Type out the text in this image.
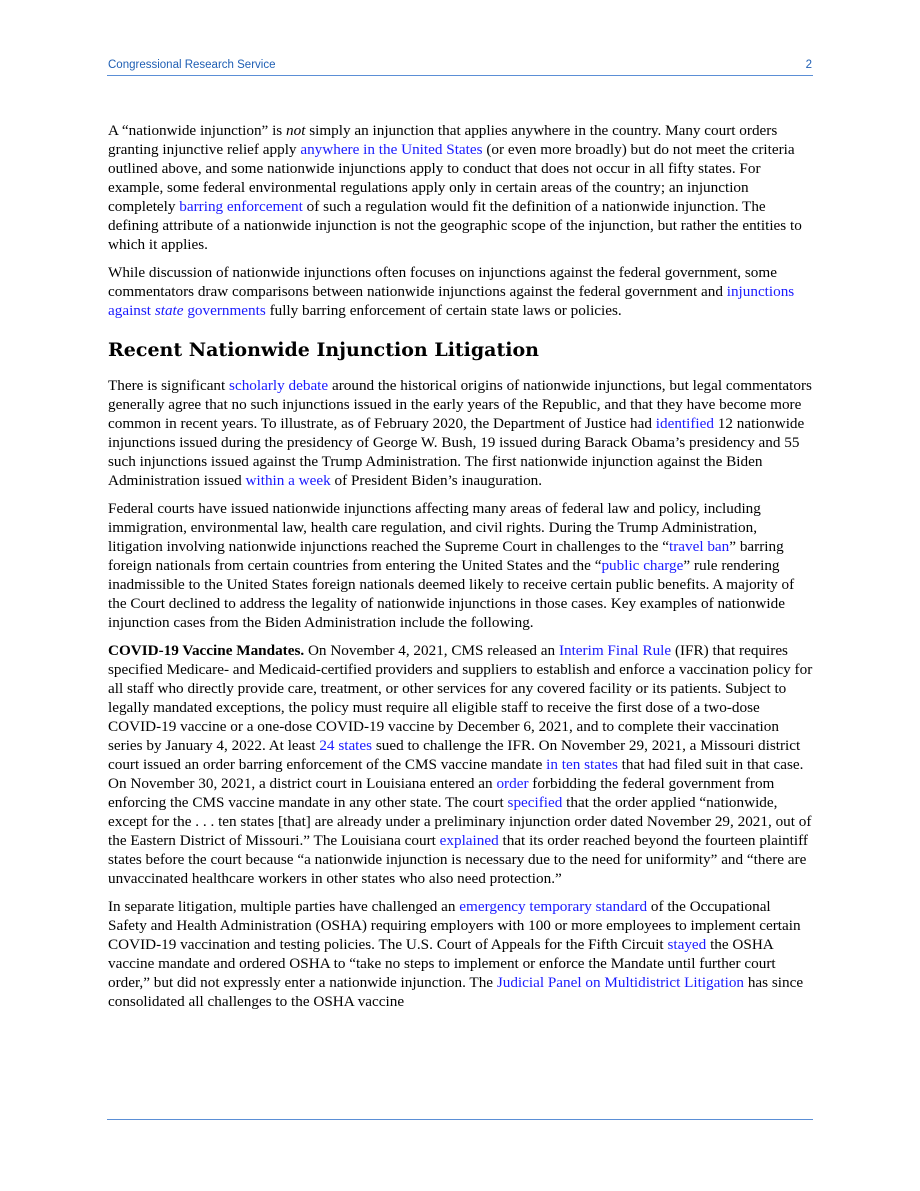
Congressional Research Service	2

A “nationwide injunction” is not simply an injunction that applies anywhere in the country. Many court orders granting injunctive relief apply anywhere in the United States (or even more broadly) but do not meet the criteria outlined above, and some nationwide injunctions apply to conduct that does not occur in all fifty states. For example, some federal environmental regulations apply only in certain areas of the country; an injunction completely barring enforcement of such a regulation would fit the definition of a nationwide injunction. The defining attribute of a nationwide injunction is not the geographic scope of the injunction, but rather the entities to which it applies.

While discussion of nationwide injunctions often focuses on injunctions against the federal government, some commentators draw comparisons between nationwide injunctions against the federal government and injunctions against state governments fully barring enforcement of certain state laws or policies.

Recent Nationwide Injunction Litigation

There is significant scholarly debate around the historical origins of nationwide injunctions, but legal commentators generally agree that no such injunctions issued in the early years of the Republic, and that they have become more common in recent years. To illustrate, as of February 2020, the Department of Justice had identified 12 nationwide injunctions issued during the presidency of George W. Bush, 19 issued during Barack Obama’s presidency and 55 such injunctions issued against the Trump Administration. The first nationwide injunction against the Biden Administration issued within a week of President Biden’s inauguration.

Federal courts have issued nationwide injunctions affecting many areas of federal law and policy, including immigration, environmental law, health care regulation, and civil rights. During the Trump Administration, litigation involving nationwide injunctions reached the Supreme Court in challenges to the “travel ban” barring foreign nationals from certain countries from entering the United States and the “public charge” rule rendering inadmissible to the United States foreign nationals deemed likely to receive certain public benefits. A majority of the Court declined to address the legality of nationwide injunctions in those cases. Key examples of nationwide injunction cases from the Biden Administration include the following.

COVID-19 Vaccine Mandates. On November 4, 2021, CMS released an Interim Final Rule (IFR) that requires specified Medicare- and Medicaid-certified providers and suppliers to establish and enforce a vaccination policy for all staff who directly provide care, treatment, or other services for any covered facility or its patients. Subject to legally mandated exceptions, the policy must require all eligible staff to receive the first dose of a two-dose COVID-19 vaccine or a one-dose COVID-19 vaccine by December 6, 2021, and to complete their vaccination series by January 4, 2022. At least 24 states sued to challenge the IFR. On November 29, 2021, a Missouri district court issued an order barring enforcement of the CMS vaccine mandate in ten states that had filed suit in that case. On November 30, 2021, a district court in Louisiana entered an order forbidding the federal government from enforcing the CMS vaccine mandate in any other state. The court specified that the order applied “nationwide, except for the . . . ten states [that] are already under a preliminary injunction order dated November 29, 2021, out of the Eastern District of Missouri.” The Louisiana court explained that its order reached beyond the fourteen plaintiff states before the court because “a nationwide injunction is necessary due to the need for uniformity” and “there are unvaccinated healthcare workers in other states who also need protection.”

In separate litigation, multiple parties have challenged an emergency temporary standard of the Occupational Safety and Health Administration (OSHA) requiring employers with 100 or more employees to implement certain COVID-19 vaccination and testing policies. The U.S. Court of Appeals for the Fifth Circuit stayed the OSHA vaccine mandate and ordered OSHA to “take no steps to implement or enforce the Mandate until further court order,” but did not expressly enter a nationwide injunction. The Judicial Panel on Multidistrict Litigation has since consolidated all challenges to the OSHA vaccine
